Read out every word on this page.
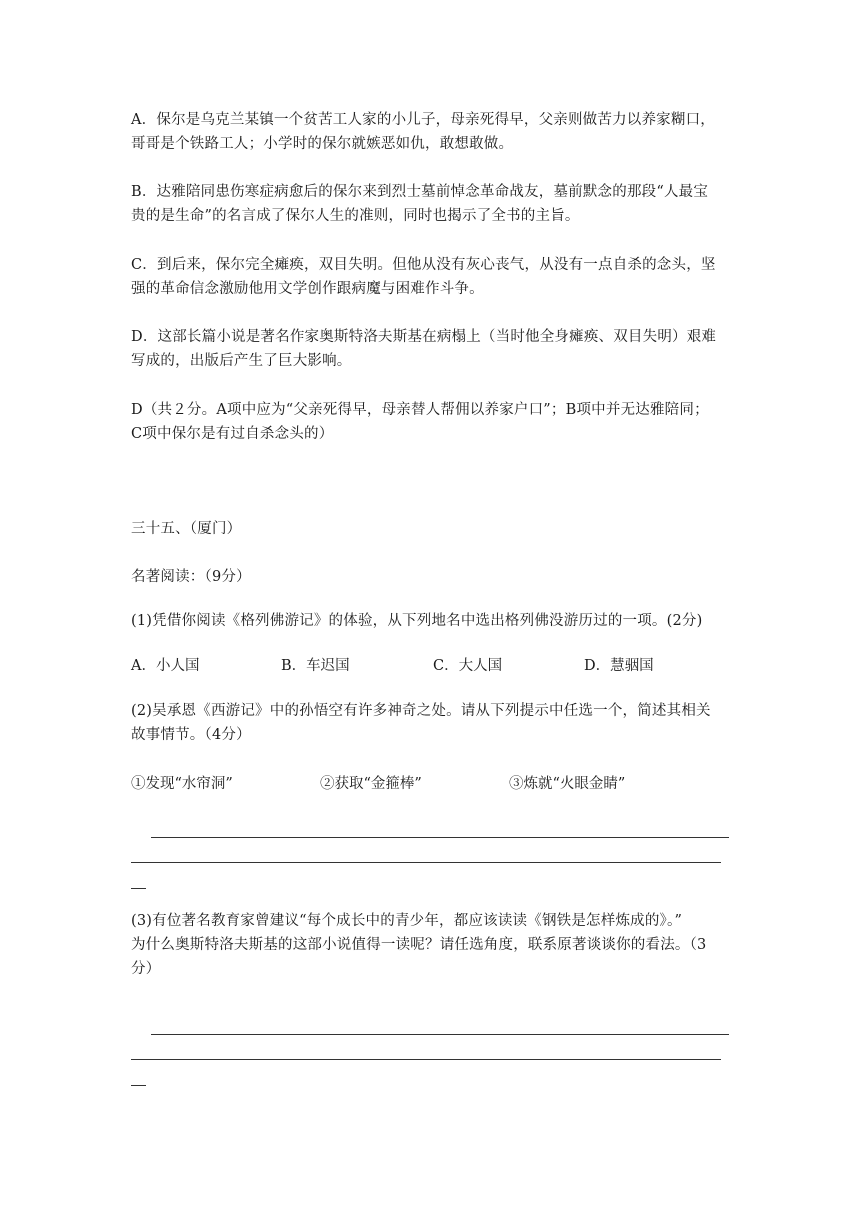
A．保尔是乌克兰某镇一个贫苦工人家的小儿子，母亲死得早，父亲则做苦力以养家糊口，
哥哥是个铁路工人；小学时的保尔就嫉恶如仇，敢想敢做。

B．达雅陪同患伤寒症病愈后的保尔来到烈士墓前悼念革命战友，墓前默念的那段“人最宝
贵的是生命”的名言成了保尔人生的准则，同时也揭示了全书的主旨。

C．到后来，保尔完全瘫痪，双目失明。但他从没有灰心丧气，从没有一点自杀的念头，坚
强的革命信念激励他用文学创作跟病魔与困难作斗争。

D．这部长篇小说是著名作家奥斯特洛夫斯基在病榻上（当时他全身瘫痪、双目失明）艰难
写成的，出版后产生了巨大影响。

D（共２分。A项中应为“父亲死得早，母亲替人帮佣以养家户口”；B项中并无达雅陪同；
C项中保尔是有过自杀念头的）

三十五、（厦门）

名著阅读：（9分）

(1)凭借你阅读《格列佛游记》的体验，从下列地名中选出格列佛没游历过的一项。(2分)

A．小人国	B．车迟国	C．大人国	D．慧骃国

(2)吴承恩《西游记》中的孙悟空有许多神奇之处。请从下列提示中任选一个，简述其相关
故事情节。（4分）

①发现“水帘洞”	②获取“金箍棒”	③炼就“火眼金睛”

(3)有位著名教育家曾建议“每个成长中的青少年，都应该读读《钢铁是怎样炼成的》。”
为什么奥斯特洛夫斯基的这部小说值得一读呢？请任选角度，联系原著谈谈你的看法。（3
分）
